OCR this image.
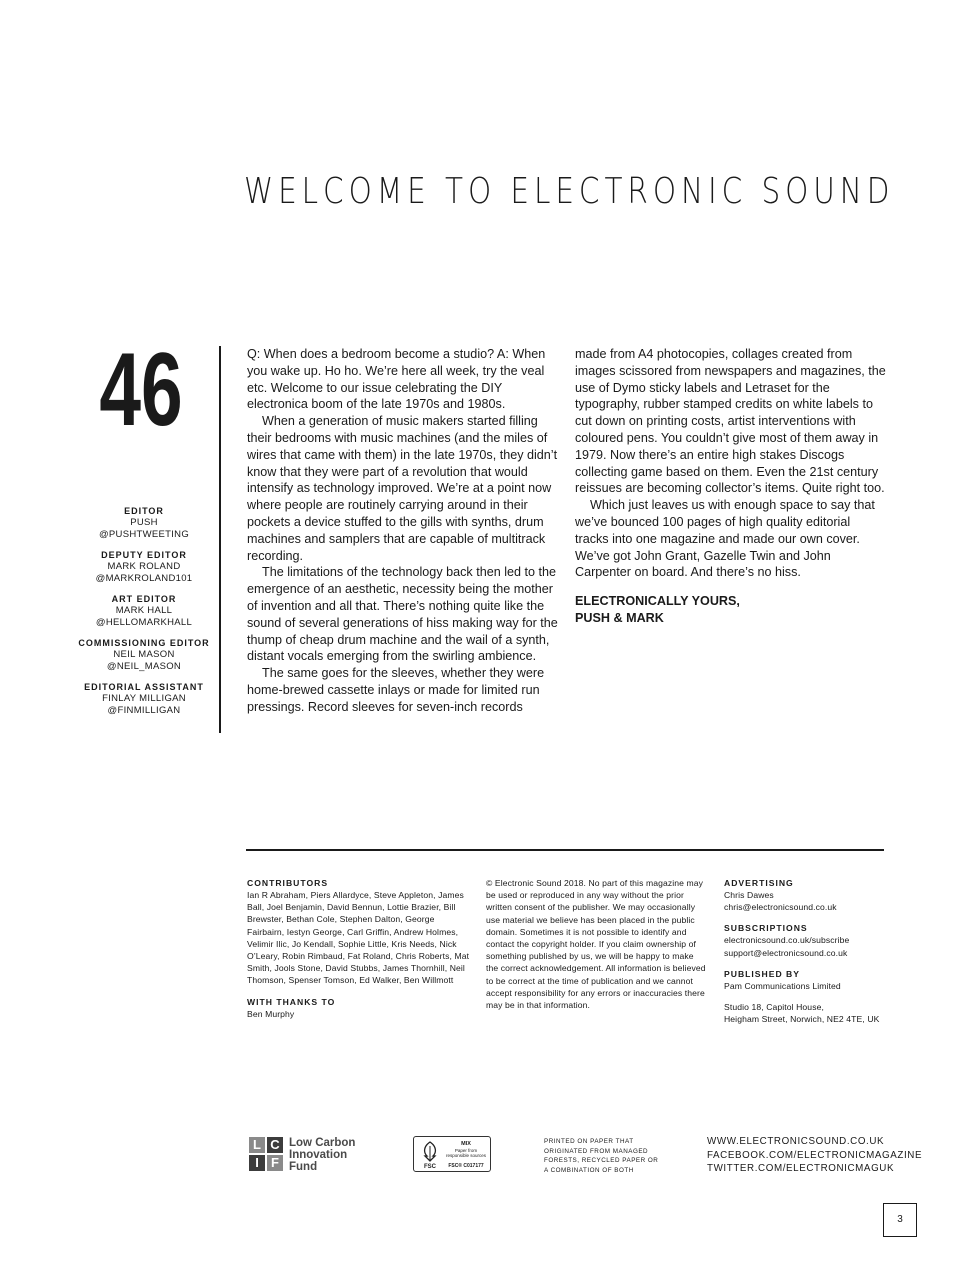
WELCOME TO ELECTRONIC SOUND
46
EDITOR
PUSH
@PUSHTWEETING
DEPUTY EDITOR
MARK ROLAND
@MARKROLAND101
ART EDITOR
MARK HALL
@HELLOMARKHALL
COMMISSIONING EDITOR
NEIL MASON
@NEIL_MASON
EDITORIAL ASSISTANT
FINLAY MILLIGAN
@FINMILLIGAN

Q: When does a bedroom become a studio? A: When you wake up. Ho ho. We’re here all week, try the veal etc. Welcome to our issue celebrating the DIY electronica boom of the late 1970s and 1980s.

When a generation of music makers started filling their bedrooms with music machines (and the miles of wires that came with them) in the late 1970s, they didn’t know that they were part of a revolution that would intensify as technology improved. We’re at a point now where people are routinely carrying around in their pockets a device stuffed to the gills with synths, drum machines and samplers that are capable of multitrack recording.

The limitations of the technology back then led to the emergence of an aesthetic, necessity being the mother of invention and all that. There’s nothing quite like the sound of several generations of hiss making way for the thump of cheap drum machine and the wail of a synth, distant vocals emerging from the swirling ambience.

The same goes for the sleeves, whether they were home-brewed cassette inlays or made for limited run pressings. Record sleeves for seven-inch records

made from A4 photocopies, collages created from images scissored from newspapers and magazines, the use of Dymo sticky labels and Letraset for the typography, rubber stamped credits on white labels to cut down on printing costs, artist interventions with coloured pens. You couldn’t give most of them away in 1979. Now there’s an entire high stakes Discogs collecting game based on them. Even the 21st century reissues are becoming collector’s items. Quite right too.

Which just leaves us with enough space to say that we’ve bounced 100 pages of high quality editorial tracks into one magazine and made our own cover. We’ve got John Grant, Gazelle Twin and John Carpenter on board. And there’s no hiss.

ELECTRONICALLY YOURS,
PUSH & MARK
CONTRIBUTORS
Ian R Abraham, Piers Allardyce, Steve Appleton, James Ball, Joel Benjamin, David Bennun, Lottie Brazier, Bill Brewster, Bethan Cole, Stephen Dalton, George Fairbairn, Iestyn George, Carl Griffin, Andrew Holmes, Velimir Ilic, Jo Kendall, Sophie Little, Kris Needs, Nick O’Leary, Robin Rimbaud, Fat Roland, Chris Roberts, Mat Smith, Jools Stone, David Stubbs, James Thornhill, Neil Thomson, Spenser Tomson, Ed Walker, Ben Willmott
WITH THANKS TO
Ben Murphy
© Electronic Sound 2018. No part of this magazine may be used or reproduced in any way without the prior written consent of the publisher. We may occasionally use material we believe has been placed in the public domain. Sometimes it is not possible to identify and contact the copyright holder. If you claim ownership of something published by us, we will be happy to make the correct acknowledgement. All information is believed to be correct at the time of publication and we cannot accept responsibility for any errors or inaccuracies there may be in that information.
ADVERTISING
Chris Dawes
chris@electronicsound.co.uk
SUBSCRIPTIONS
electronicsound.co.uk/subscribe
support@electronicsound.co.uk
PUBLISHED BY
Pam Communications Limited
Studio 18, Capitol House,
Heigham Street, Norwich, NE2 4TE, UK
L C
I F
Low Carbon
Innovation
Fund	FSC
MIX
Paper from
responsible sources
FSC® C017177
PRINTED ON PAPER THAT
ORIGINATED FROM MANAGED
FORESTS, RECYCLED PAPER OR
A COMBINATION OF BOTH
WWW.ELECTRONICSOUND.CO.UK
FACEBOOK.COM/ELECTRONICMAGAZINE
TWITTER.COM/ELECTRONICMAGUK
3
